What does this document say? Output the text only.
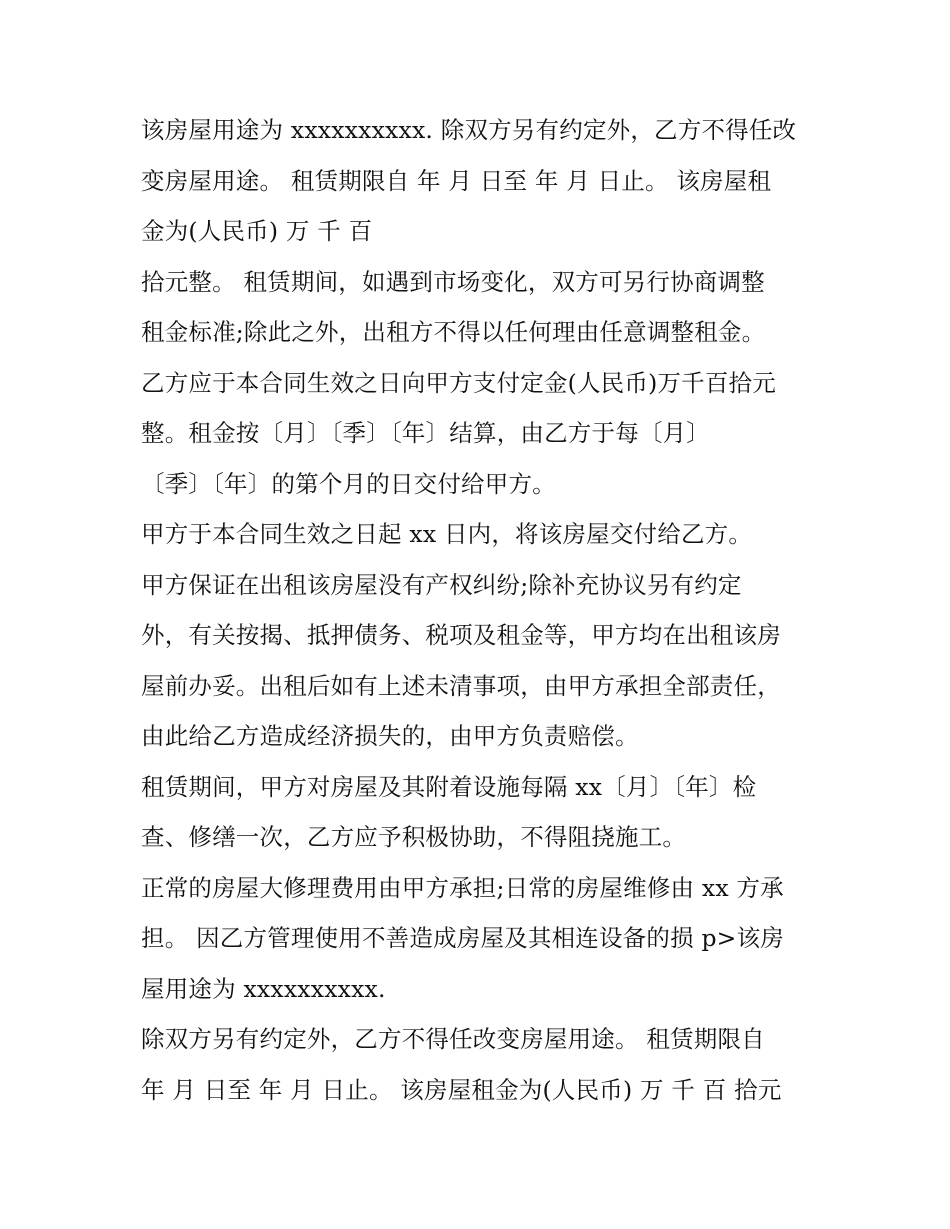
该房屋用途为 xxxxxxxxxx. 除双方另有约定外，乙方不得任改
变房屋用途。 租赁期限自 年 月 日至 年 月 日止。 该房屋租
金为(人民币) 万 千 百
拾元整。 租赁期间，如遇到市场变化，双方可另行协商调整
租金标准;除此之外，出租方不得以任何理由任意调整租金。
乙方应于本合同生效之日向甲方支付定金(人民币)万千百拾元
整。租金按〔月〕〔季〕〔年〕结算，由乙方于每〔月〕
〔季〕〔年〕的第个月的日交付给甲方。
甲方于本合同生效之日起 xx 日内，将该房屋交付给乙方。
甲方保证在出租该房屋没有产权纠纷;除补充协议另有约定
外，有关按揭、抵押债务、税项及租金等，甲方均在出租该房
屋前办妥。出租后如有上述未清事项，由甲方承担全部责任，
由此给乙方造成经济损失的，由甲方负责赔偿。
租赁期间，甲方对房屋及其附着设施每隔 xx〔月〕〔年〕检
查、修缮一次，乙方应予积极协助，不得阻挠施工。
正常的房屋大修理费用由甲方承担;日常的房屋维修由 xx 方承
担。 因乙方管理使用不善造成房屋及其相连设备的损 p>该房
屋用途为 xxxxxxxxxx.
除双方另有约定外，乙方不得任改变房屋用途。 租赁期限自
年 月 日至 年 月 日止。 该房屋租金为(人民币) 万 千 百 拾元
